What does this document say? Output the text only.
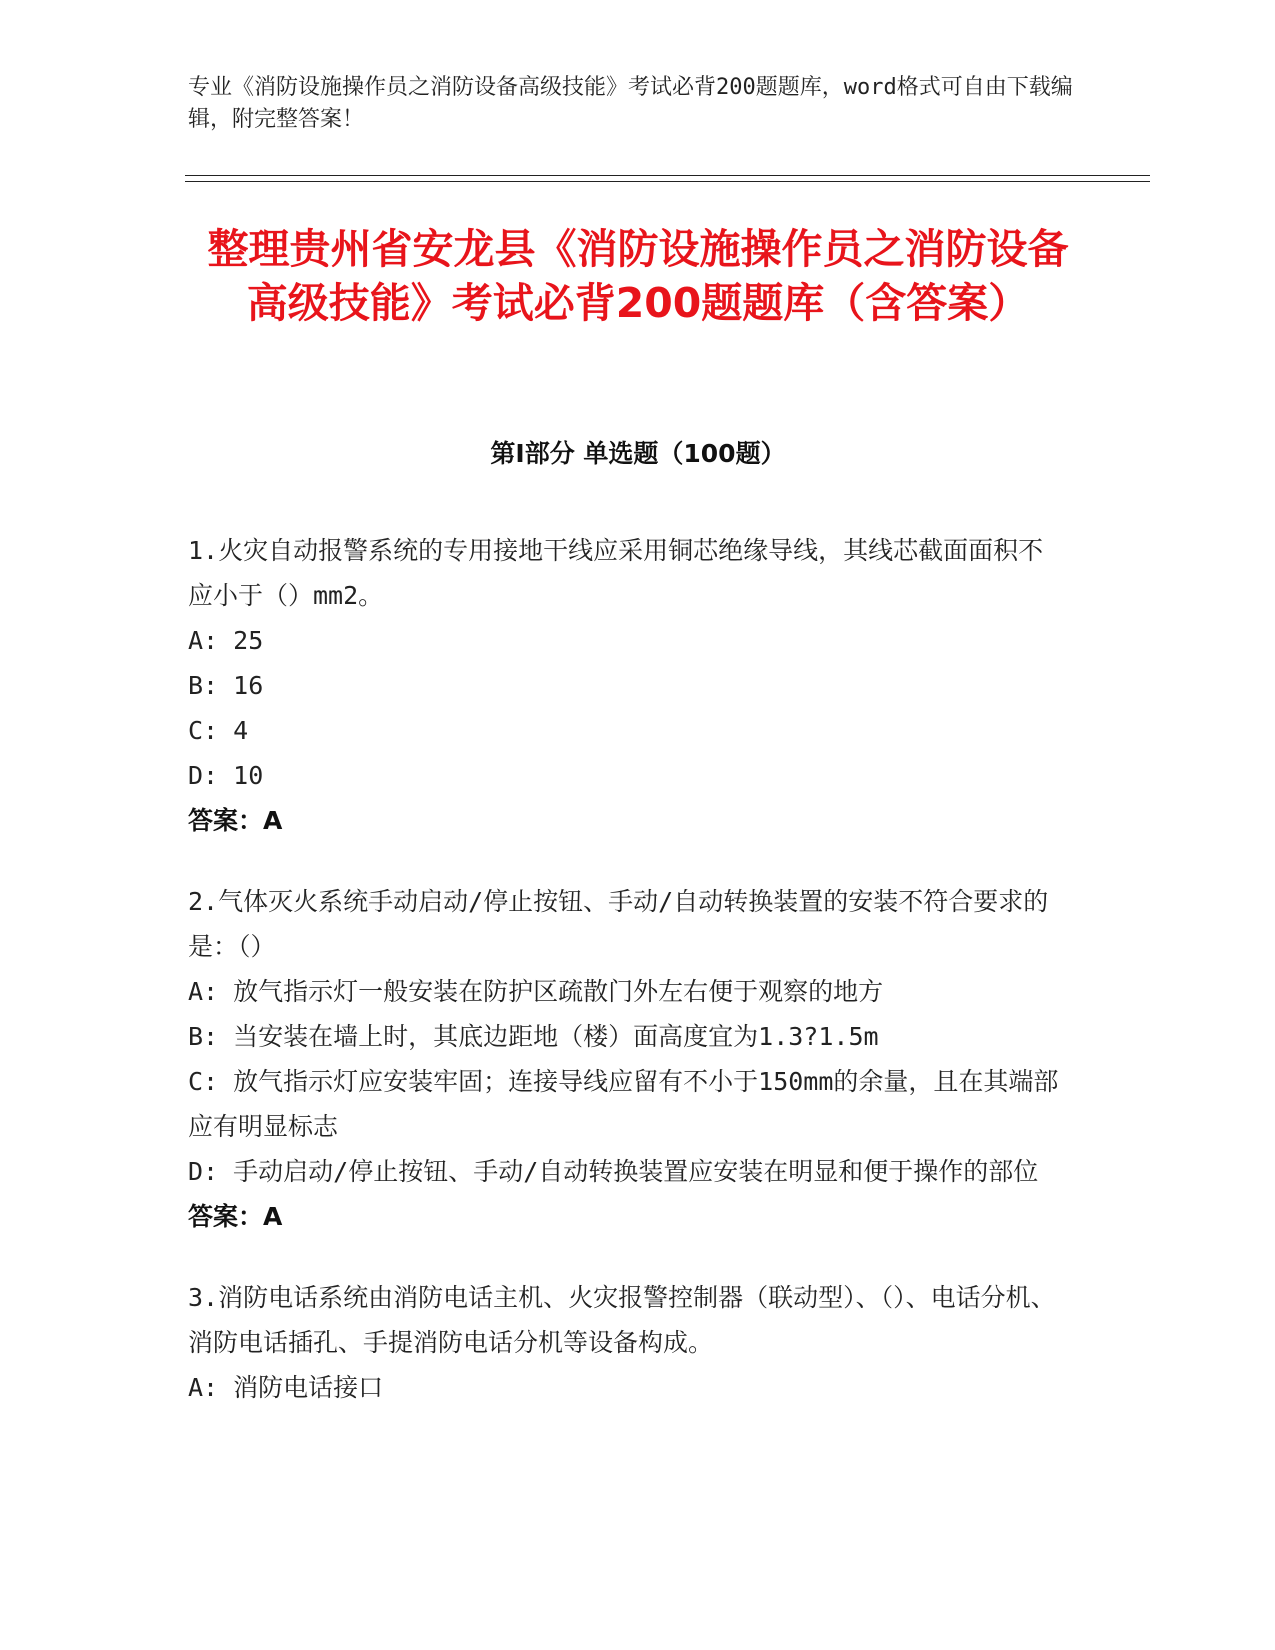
专业《消防设施操作员之消防设备高级技能》考试必背200题题库，word格式可自由下载编辑，附完整答案！
整理贵州省安龙县《消防设施操作员之消防设备高级技能》考试必背200题题库（含答案）
第I部分 单选题（100题）

1.火灾自动报警系统的专用接地干线应采用铜芯绝缘导线，其线芯截面面积不应小于（）mm2。

A: 25

B: 16

C: 4

D: 10

答案：A

2.气体灭火系统手动启动/停止按钮、手动/自动转换装置的安装不符合要求的是：（）

A: 放气指示灯一般安装在防护区疏散门外左右便于观察的地方

B: 当安装在墙上时，其底边距地（楼）面高度宜为1.3?1.5m

C: 放气指示灯应安装牢固；连接导线应留有不小于150mm的余量，且在其端部应有明显标志

D: 手动启动/停止按钮、手动/自动转换装置应安装在明显和便于操作的部位

答案：A

3.消防电话系统由消防电话主机、火灾报警控制器（联动型）、（）、电话分机、消防电话插孔、手提消防电话分机等设备构成。

A: 消防电话接口
